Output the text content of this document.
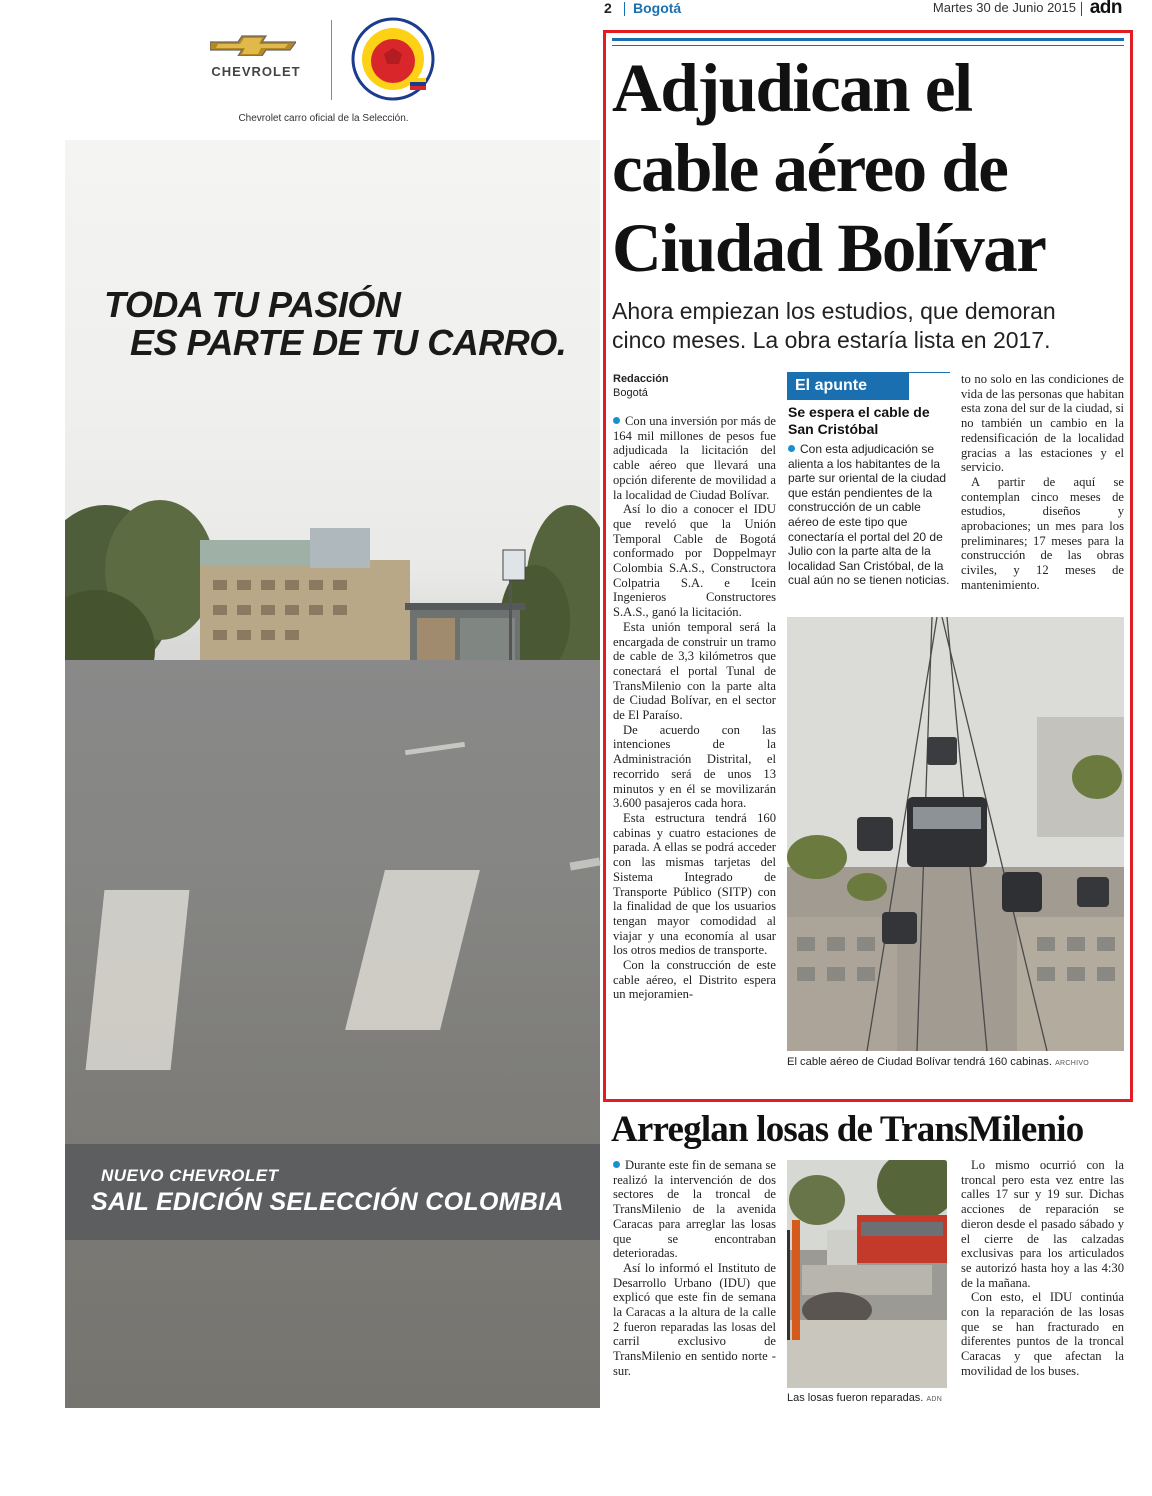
CHEVROLET
Chevrolet carro oficial de la Selección.
TODA TU PASIÓN
ES PARTE DE TU CARRO.
NUEVO CHEVROLET
SAIL EDICIÓN SELECCIÓN COLOMBIA
2 Bogotá	Martes 30 de Junio 2015 adn
Adjudican el
cable aéreo de
Ciudad Bolívar
Ahora empiezan los estudios, que demoran
cinco meses. La obra estaría lista en 2017.
Redacción
Bogotá

Con una inversión por más de 164 mil millones de pesos fue adjudicada la licitación del cable aéreo que llevará una opción diferente de movilidad a la localidad de Ciudad Bolívar.

Así lo dio a conocer el IDU que reveló que la Unión Temporal Cable de Bogotá conformado por Doppelmayr Colombia S.A.S., Constructora Colpatria S.A. e Icein Ingenieros Constructores S.A.S., ganó la licitación.

Esta unión temporal será la encargada de construir un tramo de cable de 3,3 kilómetros que conectará el portal Tunal de TransMilenio con la parte alta de Ciudad Bolívar, en el sector de El Paraíso.

De acuerdo con las intenciones de la Administración Distrital, el recorrido será de unos 13 minutos y en él se movilizarán 3.600 pasajeros cada hora.

Esta estructura tendrá 160 cabinas y cuatro estaciones de parada. A ellas se podrá acceder con las mismas tarjetas del Sistema Integrado de Transporte Público (SITP) con la finalidad de que los usuarios tengan mayor comodidad al viajar y una economía al usar los otros medios de transporte.

Con la construcción de este cable aéreo, el Distrito espera un mejoramien-

El apunte
Se espera el cable de San Cristóbal
Con esta adjudicación se alienta a los habitantes de la parte sur oriental de la ciudad que están pendientes de la construcción de un cable aéreo de este tipo que conectaría el portal del 20 de Julio con la parte alta de la localidad San Cristóbal, de la cual aún no se tienen noticias.

to no solo en las condiciones de vida de las personas que habitan esta zona del sur de la ciudad, si no también un cambio en la redensificación de la localidad gracias a las estaciones y el servicio.

A partir de aquí se contemplan cinco meses de estudios, diseños y aprobaciones; un mes para los preliminares; 17 meses para la construcción de las obras civiles, y 12 meses de mantenimiento.

El cable aéreo de Ciudad Bolívar tendrá 160 cabinas. ARCHIVO
Arreglan losas de TransMilenio

Durante este fin de semana se realizó la intervención de dos sectores de la troncal de TransMilenio de la avenida Caracas para arreglar las losas que se encontraban deterioradas.

Así lo informó el Instituto de Desarrollo Urbano (IDU) que explicó que este fin de semana la Caracas a la altura de la calle 2 fueron reparadas las losas del carril exclusivo de TransMilenio en sentido norte - sur.

Las losas fueron reparadas. ADN

Lo mismo ocurrió con la troncal pero esta vez entre las calles 17 sur y 19 sur. Dichas acciones de reparación se dieron desde el pasado sábado y el cierre de las calzadas exclusivas para los articulados se autorizó hasta hoy a las 4:30 de la mañana.

Con esto, el IDU continúa con la reparación de las losas que se han fracturado en diferentes puntos de la troncal Caracas y que afectan la movilidad de los buses.
